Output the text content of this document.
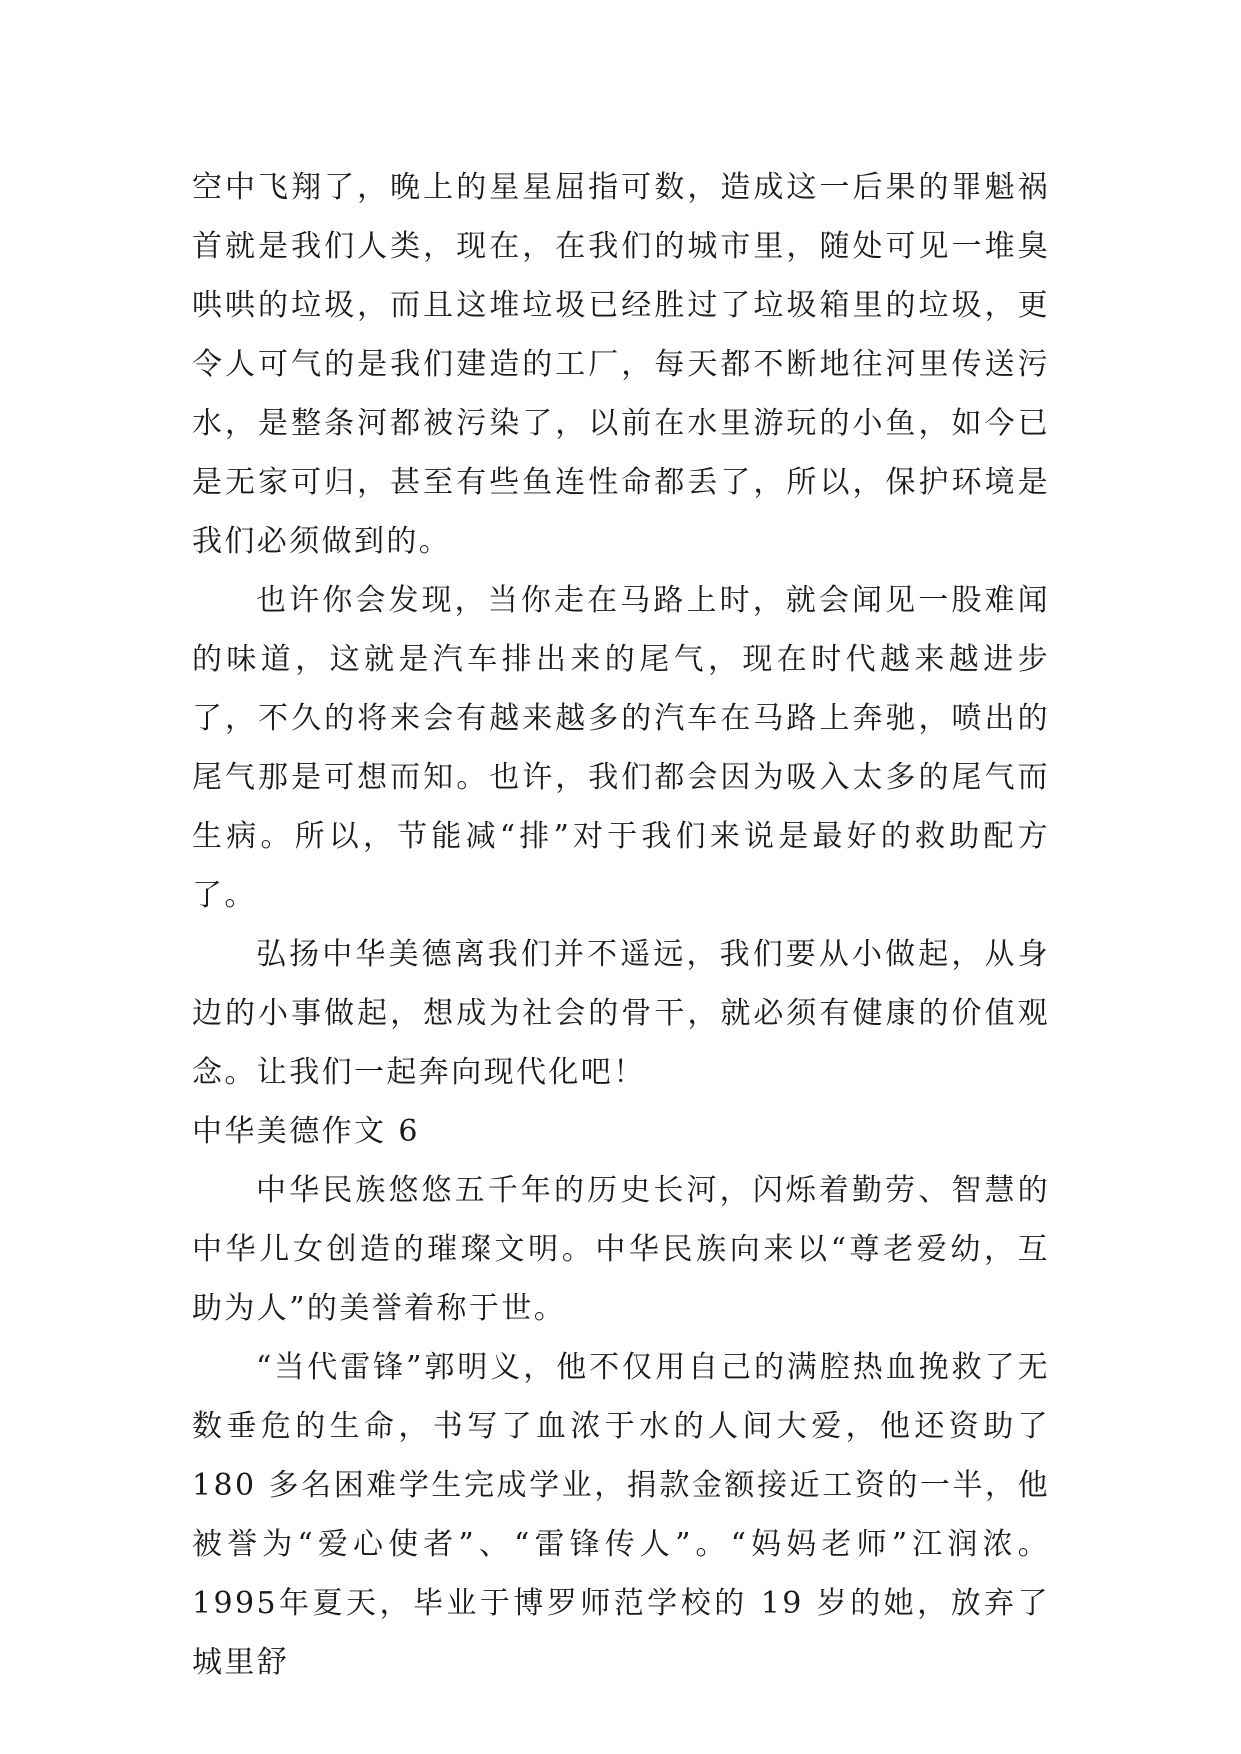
空中飞翔了，晚上的星星屈指可数，造成这一后果的罪魁祸首就是我们人类，现在，在我们的城市里，随处可见一堆臭哄哄的垃圾，而且这堆垃圾已经胜过了垃圾箱里的垃圾，更令人可气的是我们建造的工厂，每天都不断地往河里传送污水，是整条河都被污染了，以前在水里游玩的小鱼，如今已是无家可归，甚至有些鱼连性命都丢了，所以，保护环境是我们必须做到的。

也许你会发现，当你走在马路上时，就会闻见一股难闻的味道，这就是汽车排出来的尾气，现在时代越来越进步了，不久的将来会有越来越多的汽车在马路上奔驰，喷出的尾气那是可想而知。也许，我们都会因为吸入太多的尾气而生病。所以，节能减“排”对于我们来说是最好的救助配方了。

弘扬中华美德离我们并不遥远，我们要从小做起，从身边的小事做起，想成为社会的骨干，就必须有健康的价值观念。让我们一起奔向现代化吧！

中华美德作文 6

中华民族悠悠五千年的历史长河，闪烁着勤劳、智慧的中华儿女创造的璀璨文明。中华民族向来以“尊老爱幼，互助为人”的美誉着称于世。

“当代雷锋”郭明义，他不仅用自己的满腔热血挽救了无数垂危的生命，书写了血浓于水的人间大爱，他还资助了180 多名困难学生完成学业，捐款金额接近工资的一半，他被誉为“爱心使者”、“雷锋传人”。“妈妈老师”江润浓。1995年夏天，毕业于博罗师范学校的 19 岁的她，放弃了城里舒
